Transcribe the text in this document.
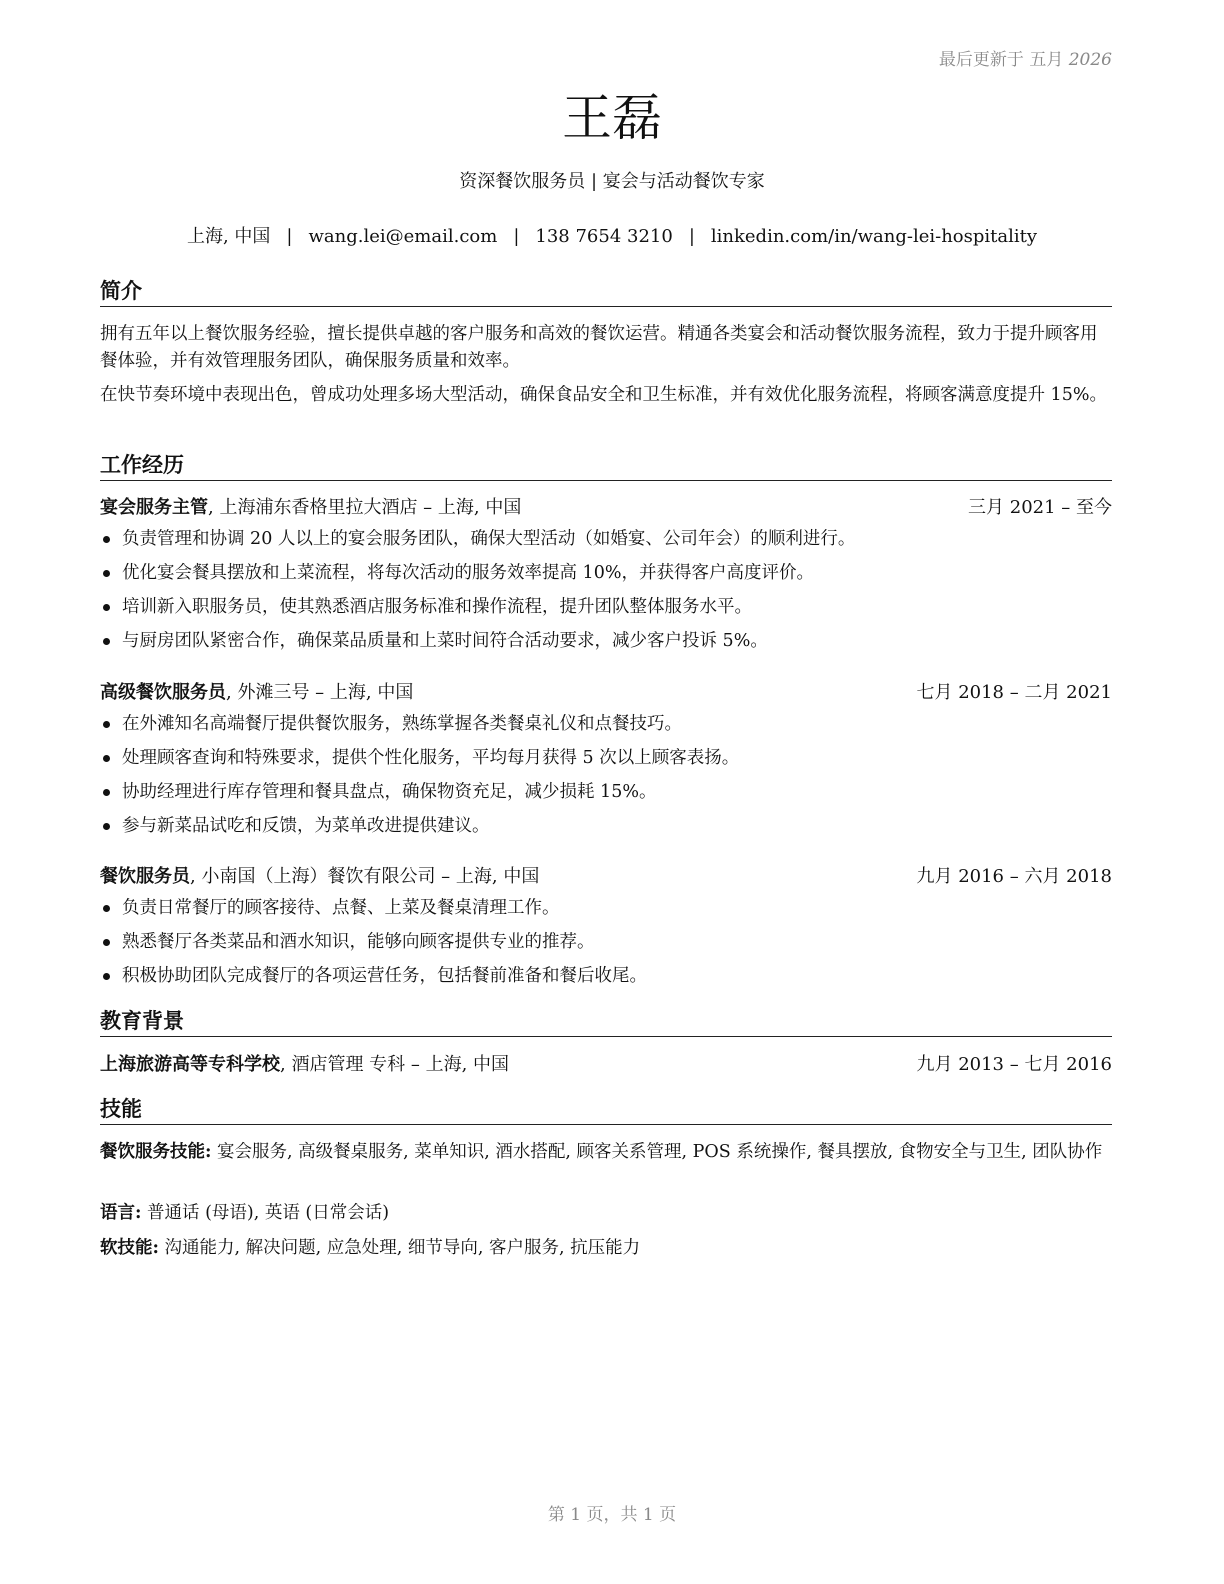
最后更新于 五月 2026
王磊
资深餐饮服务员 | 宴会与活动餐饮专家
上海, 中国 | wang.lei@email.com | 138 7654 3210 | linkedin.com/in/wang-lei-hospitality
简介
拥有五年以上餐饮服务经验，擅长提供卓越的客户服务和高效的餐饮运营。精通各类宴会和活动餐饮服务流程，致力于提升顾客用餐体验，并有效管理服务团队，确保服务质量和效率。
在快节奏环境中表现出色，曾成功处理多场大型活动，确保食品安全和卫生标准，并有效优化服务流程，将顾客满意度提升 15%。
工作经历
宴会服务主管, 上海浦东香格里拉大酒店 – 上海, 中国	三月 2021 – 至今
负责管理和协调 20 人以上的宴会服务团队，确保大型活动（如婚宴、公司年会）的顺利进行。
优化宴会餐具摆放和上菜流程，将每次活动的服务效率提高 10%，并获得客户高度评价。
培训新入职服务员，使其熟悉酒店服务标准和操作流程，提升团队整体服务水平。
与厨房团队紧密合作，确保菜品质量和上菜时间符合活动要求，减少客户投诉 5%。
高级餐饮服务员, 外滩三号 – 上海, 中国	七月 2018 – 二月 2021
在外滩知名高端餐厅提供餐饮服务，熟练掌握各类餐桌礼仪和点餐技巧。
处理顾客查询和特殊要求，提供个性化服务，平均每月获得 5 次以上顾客表扬。
协助经理进行库存管理和餐具盘点，确保物资充足，减少损耗 15%。
参与新菜品试吃和反馈，为菜单改进提供建议。
餐饮服务员, 小南国（上海）餐饮有限公司 – 上海, 中国	九月 2016 – 六月 2018
负责日常餐厅的顾客接待、点餐、上菜及餐桌清理工作。
熟悉餐厅各类菜品和酒水知识，能够向顾客提供专业的推荐。
积极协助团队完成餐厅的各项运营任务，包括餐前准备和餐后收尾。
教育背景
上海旅游高等专科学校, 酒店管理 专科 – 上海, 中国	九月 2013 – 七月 2016
技能
餐饮服务技能: 宴会服务, 高级餐桌服务, 菜单知识, 酒水搭配, 顾客关系管理, POS 系统操作, 餐具摆放, 食物安全与卫生, 团队协作
语言: 普通话 (母语), 英语 (日常会话)
软技能: 沟通能力, 解决问题, 应急处理, 细节导向, 客户服务, 抗压能力
第 1 页，共 1 页
